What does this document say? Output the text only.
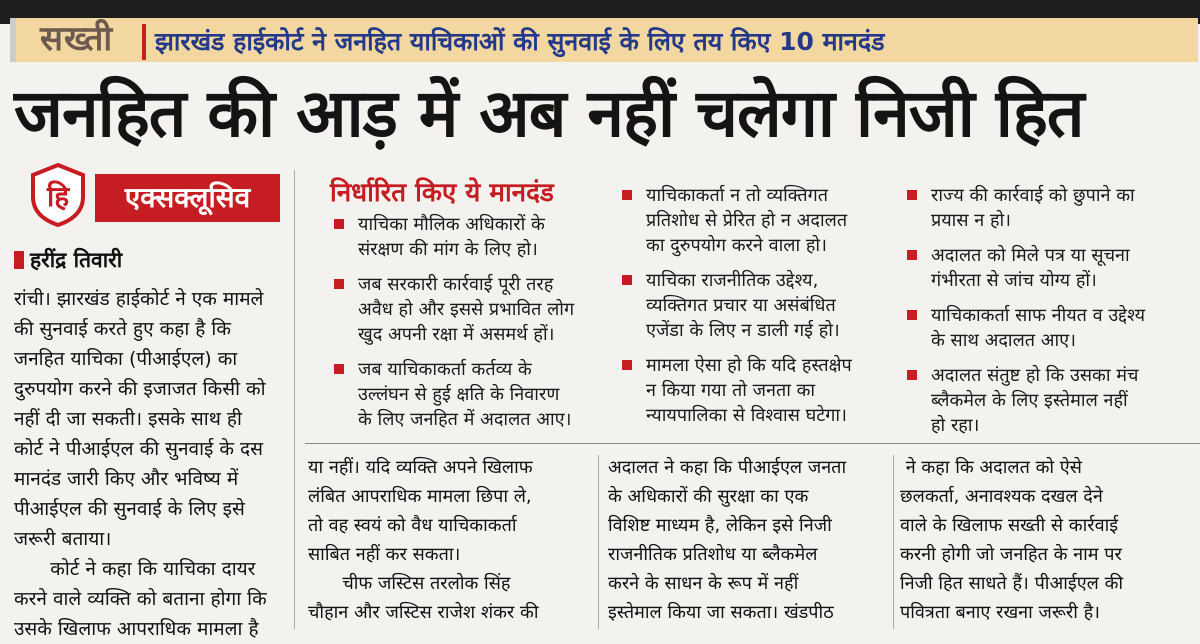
सख्ती झारखंड हाईकोर्ट ने जनहित याचिकाओं की सुनवाई के लिए तय किए 10 मानदंड
जनहित की आड़ में अब नहीं चलेगा निजी हित
हि	एक्सक्लूसिव
हरींद्र तिवारी

रांची। झारखंड हाईकोर्ट ने एक मामले

की सुनवाई करते हुए कहा है कि

जनहित याचिका (पीआईएल) का

दुरुपयोग करने की इजाजत किसी को

नहीं दी जा सकती। इसके साथ ही

कोर्ट ने पीआईएल की सुनवाई के दस

मानदंड जारी किए और भविष्य में

पीआईएल की सुनवाई के लिए इसे

जरूरी बताया।

कोर्ट ने कहा कि याचिका दायर

करने वाले व्यक्ति को बताना होगा कि

उसके खिलाफ आपराधिक मामला है

निर्धारित किए ये मानदंड
याचिका मौलिक अधिकारों के
संरक्षण की मांग के लिए हो।
जब सरकारी कार्रवाई पूरी तरह
अवैध हो और इससे प्रभावित लोग
खुद अपनी रक्षा में असमर्थ हों।
जब याचिकाकर्ता कर्तव्य के
उल्लंघन से हुई क्षति के निवारण
के लिए जनहित में अदालत आए।
याचिकाकर्ता न तो व्यक्तिगत
प्रतिशोध से प्रेरित हो न अदालत
का दुरुपयोग करने वाला हो।
याचिका राजनीतिक उद्देश्य,
व्यक्तिगत प्रचार या असंबंधित
एजेंडा के लिए न डाली गई हो।
मामला ऐसा हो कि यदि हस्तक्षेप
न किया गया तो जनता का
न्यायपालिका से विश्वास घटेगा।
राज्य की कार्रवाई को छुपाने का
प्रयास न हो।
अदालत को मिले पत्र या सूचना
गंभीरता से जांच योग्य हों।
याचिकाकर्ता साफ नीयत व उद्देश्य
के साथ अदालत आए।
अदालत संतुष्ट हो कि उसका मंच
ब्लैकमेल के लिए इस्तेमाल नहीं
हो रहा।

या नहीं। यदि व्यक्ति अपने खिलाफ

लंबित आपराधिक मामला छिपा ले,

तो वह स्वयं को वैध याचिकाकर्ता

साबित नहीं कर सकता।

चीफ जस्टिस तरलोक सिंह

चौहान और जस्टिस राजेश शंकर की

अदालत ने कहा कि पीआईएल जनता

के अधिकारों की सुरक्षा का एक

विशिष्ट माध्यम है, लेकिन इसे निजी

राजनीतिक प्रतिशोध या ब्लैकमेल

करने के साधन के रूप में नहीं

इस्तेमाल किया जा सकता। खंडपीठ

ने कहा कि अदालत को ऐसे

छलकर्ता, अनावश्यक दखल देने

वाले के खिलाफ सख्ती से कार्रवाई

करनी होगी जो जनहित के नाम पर

निजी हित साधते हैं। पीआईएल की

पवित्रता बनाए रखना जरूरी है।
